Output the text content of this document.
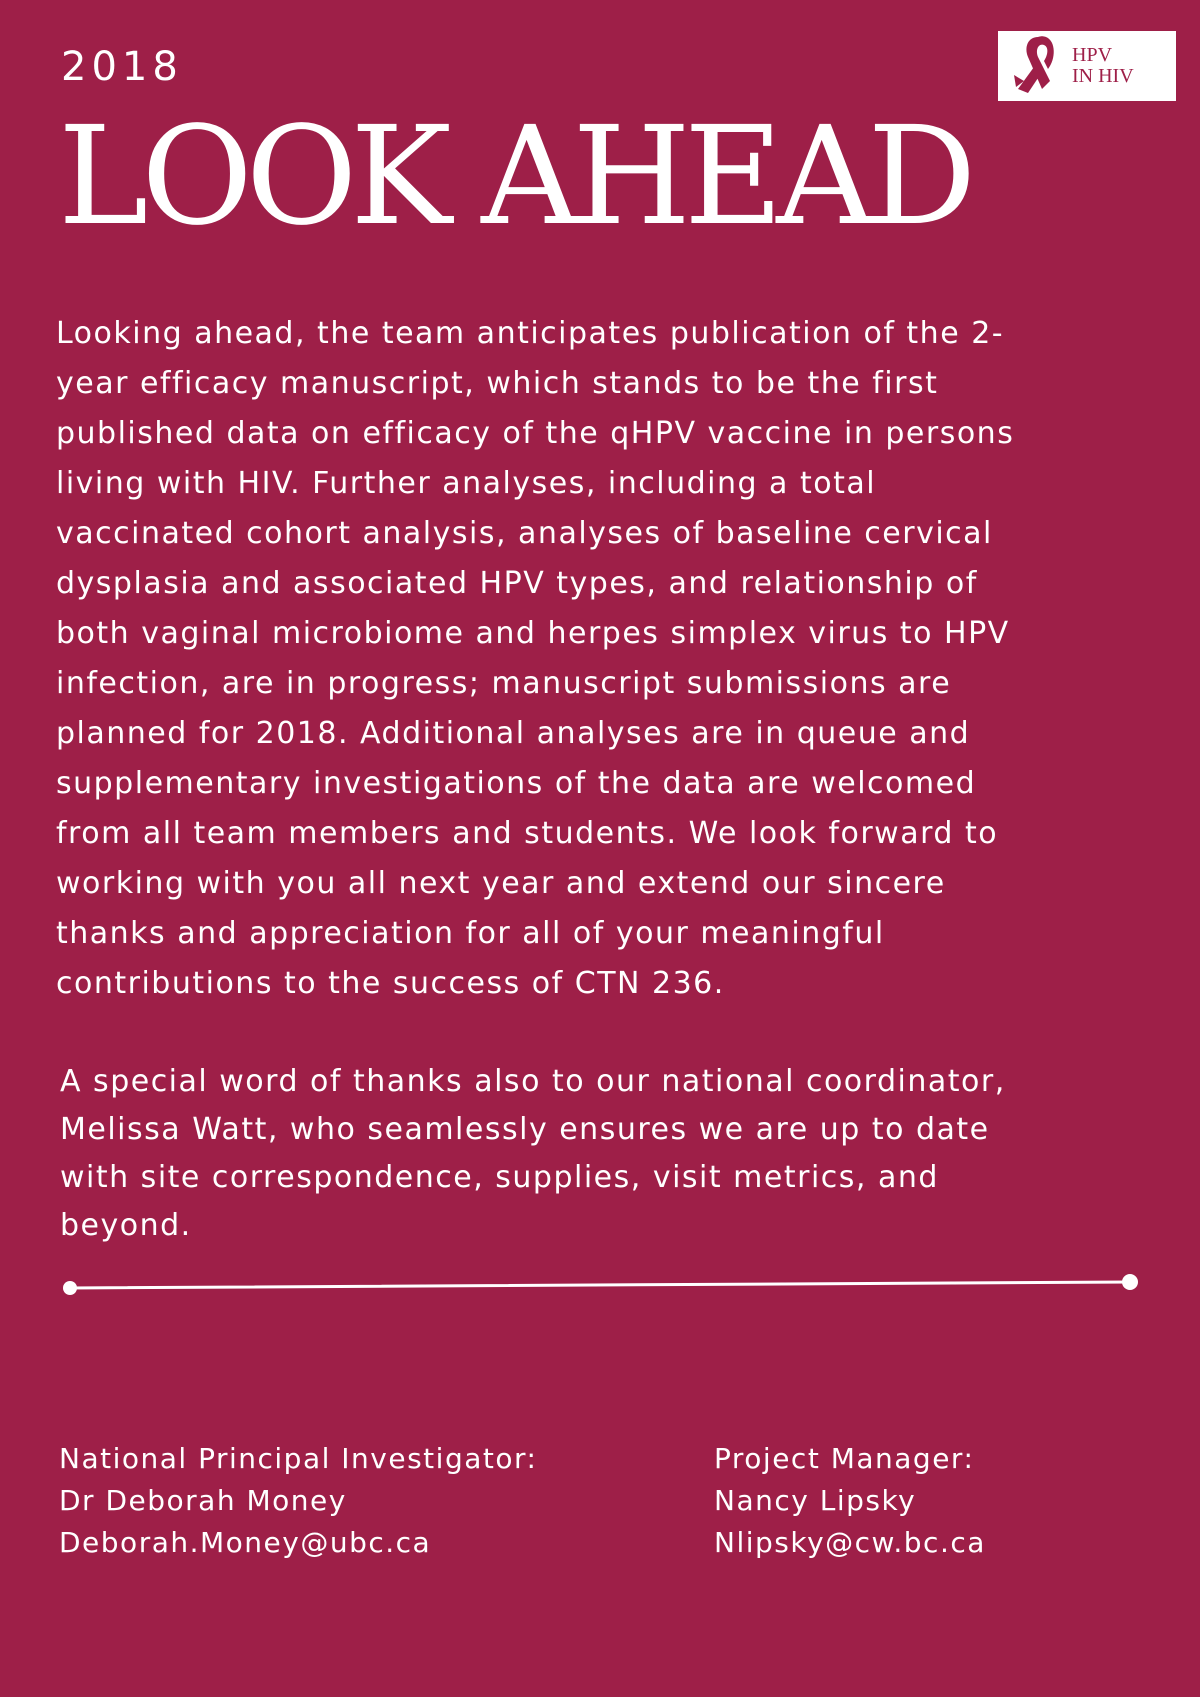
2018
LOOK AHEAD
HPV
IN HIV

Looking ahead, the team anticipates publication of the 2-
year efficacy manuscript, which stands to be the first
published data on efficacy of the qHPV vaccine in persons
living with HIV. Further analyses, including a total
vaccinated cohort analysis, analyses of baseline cervical
dysplasia and associated HPV types, and relationship of
both vaginal microbiome and herpes simplex virus to HPV
infection, are in progress; manuscript submissions are
planned for 2018. Additional analyses are in queue and
supplementary investigations of the data are welcomed
from all team members and students. We look forward to
working with you all next year and extend our sincere
thanks and appreciation for all of your meaningful
contributions to the success of CTN 236.

A special word of thanks also to our national coordinator,
Melissa Watt, who seamlessly ensures we are up to date
with site correspondence, supplies, visit metrics, and
beyond.

National Principal Investigator:
Dr Deborah Money
Deborah.Money@ubc.ca
Project Manager:
Nancy Lipsky
Nlipsky@cw.bc.ca
